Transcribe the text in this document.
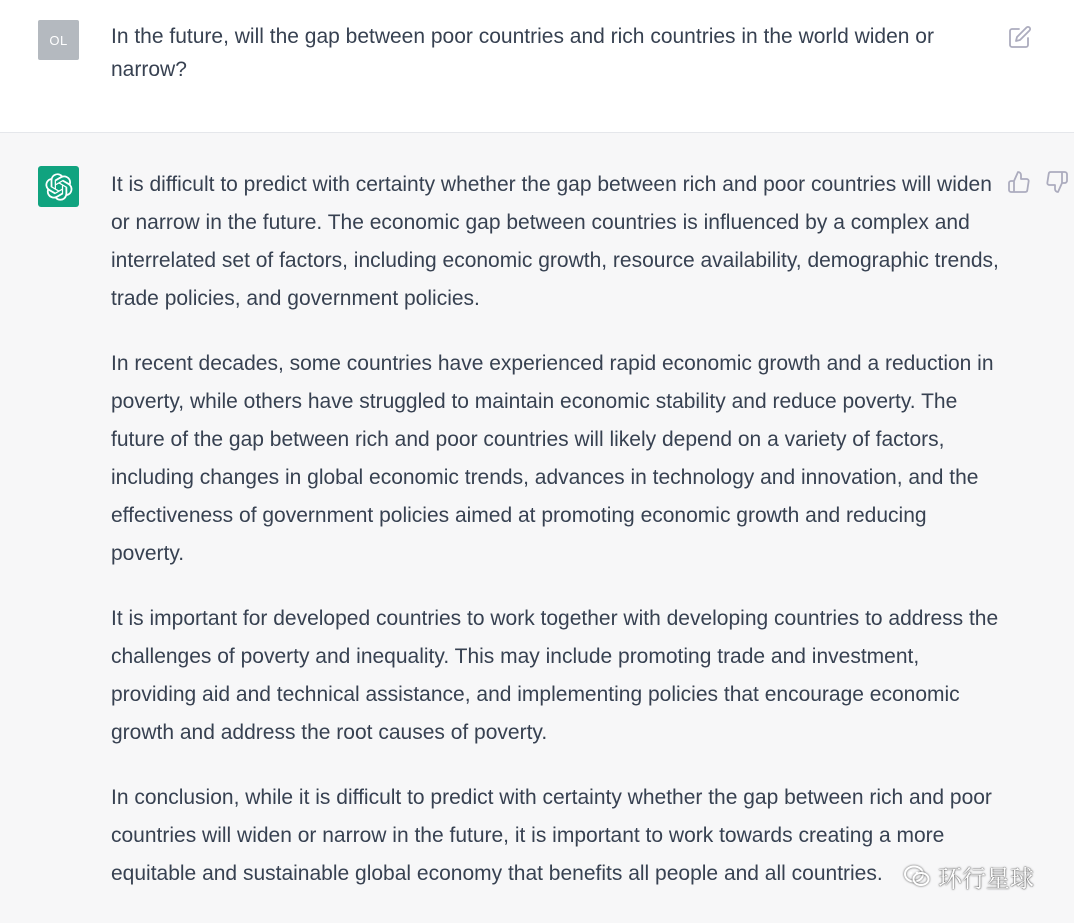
OL In the future, will the gap between poor countries and rich countries in the world widen or narrow?

It is difficult to predict with certainty whether the gap between rich and poor countries will widen or narrow in the future. The economic gap between countries is influenced by a complex and interrelated set of factors, including economic growth, resource availability, demographic trends, trade policies, and government policies.

In recent decades, some countries have experienced rapid economic growth and a reduction in poverty, while others have struggled to maintain economic stability and reduce poverty. The future of the gap between rich and poor countries will likely depend on a variety of factors, including changes in global economic trends, advances in technology and innovation, and the effectiveness of government policies aimed at promoting economic growth and reducing poverty.

It is important for developed countries to work together with developing countries to address the challenges of poverty and inequality. This may include promoting trade and investment, providing aid and technical assistance, and implementing policies that encourage economic growth and address the root causes of poverty.

In conclusion, while it is difficult to predict with certainty whether the gap between rich and poor countries will widen or narrow in the future, it is important to work towards creating a more equitable and sustainable global economy that benefits all people and all countries.	环行星球
